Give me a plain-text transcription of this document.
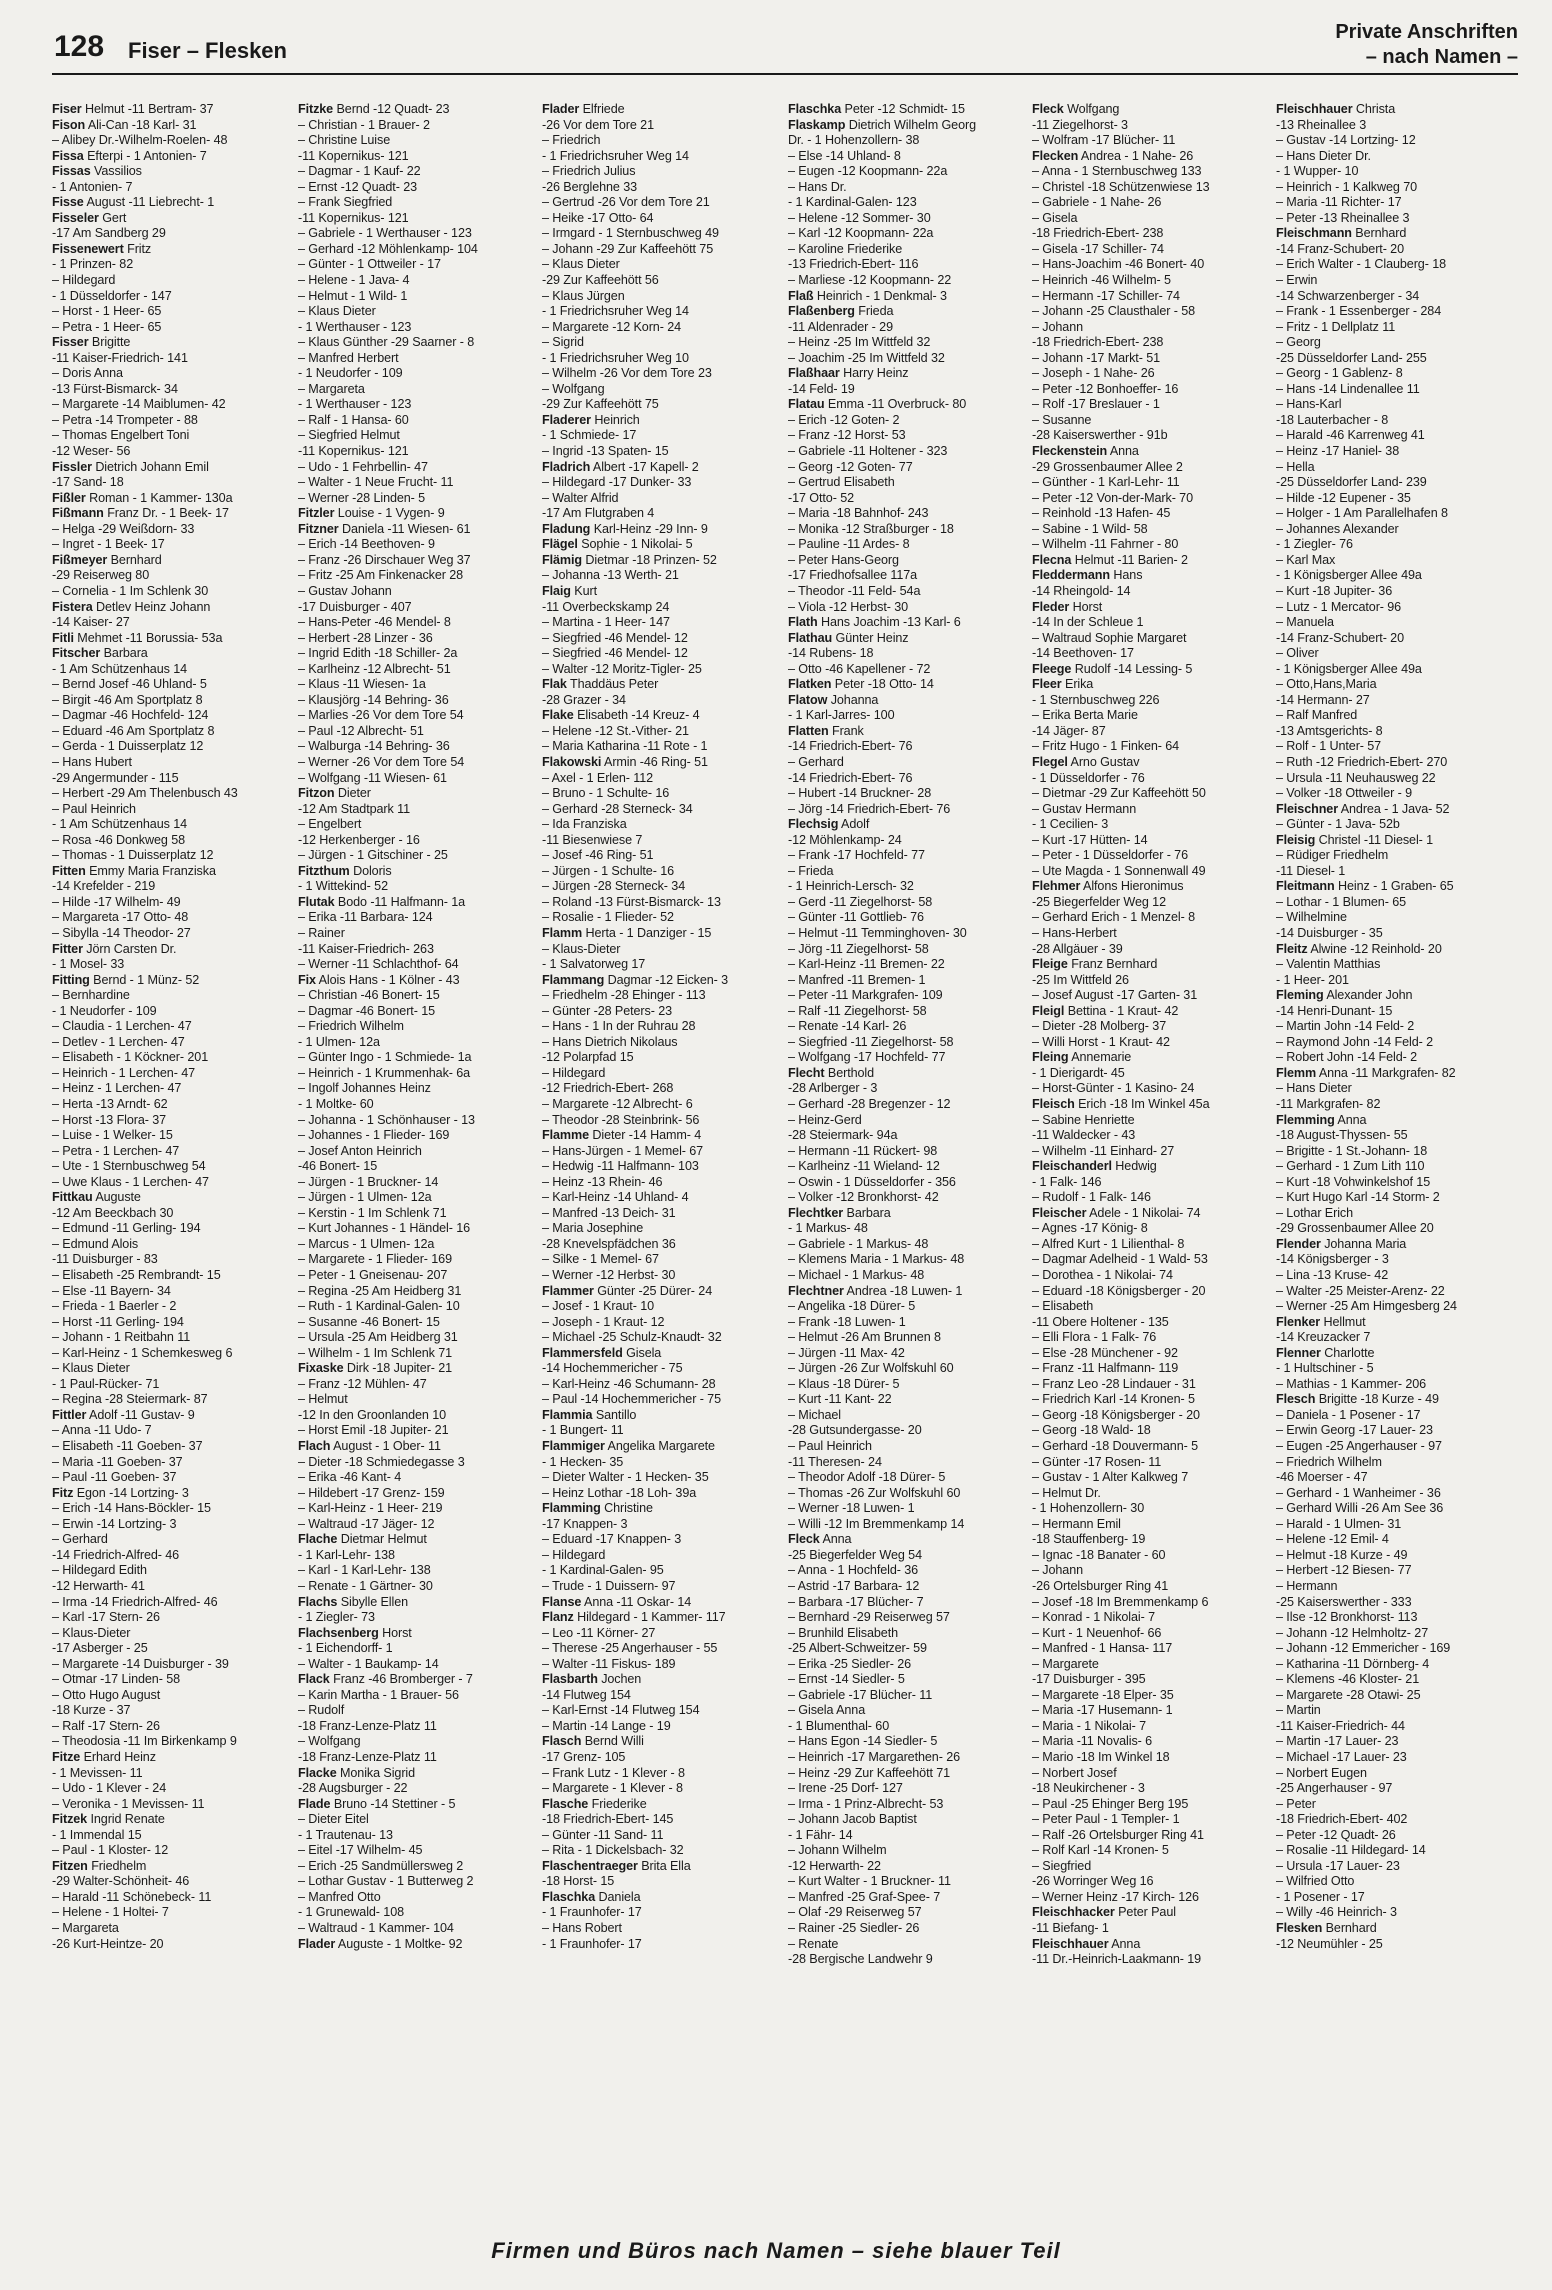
128 Fiser – Flesken
Private Anschriften
– nach Namen –
Fiser Helmut -11 Bertram- 37
Fison Ali-Can -18 Karl- 31
– Alibey Dr.-Wilhelm-Roelen- 48
Fissa Efterpi - 1 Antonien- 7
Fissas Vassilios
- 1 Antonien- 7
Fisse August -11 Liebrecht- 1
Fisseler Gert
-17 Am Sandberg 29
Fissenewert Fritz
- 1 Prinzen- 82
– Hildegard
- 1 Düsseldorfer - 147
– Horst - 1 Heer- 65
– Petra - 1 Heer- 65
Fisser Brigitte
-11 Kaiser-Friedrich- 141
– Doris Anna
-13 Fürst-Bismarck- 34
– Margarete -14 Maiblumen- 42
– Petra -14 Trompeter - 88
– Thomas Engelbert Toni
-12 Weser- 56
Fissler Dietrich Johann Emil
-17 Sand- 18
Fißler Roman - 1 Kammer- 130a
Fißmann Franz Dr. - 1 Beek- 17
– Helga -29 Weißdorn- 33
– Ingret - 1 Beek- 17
Fißmeyer Bernhard
-29 Reiserweg 80
– Cornelia - 1 Im Schlenk 30
Fistera Detlev Heinz Johann
-14 Kaiser- 27
Fitli Mehmet -11 Borussia- 53a
Fitscher Barbara
- 1 Am Schützenhaus 14
– Bernd Josef -46 Uhland- 5
– Birgit -46 Am Sportplatz 8
– Dagmar -46 Hochfeld- 124
– Eduard -46 Am Sportplatz 8
– Gerda - 1 Duisserplatz 12
– Hans Hubert
-29 Angermunder - 115
– Herbert -29 Am Thelenbusch 43
– Paul Heinrich
- 1 Am Schützenhaus 14
– Rosa -46 Donkweg 58
– Thomas - 1 Duisserplatz 12
Fitten Emmy Maria Franziska
-14 Krefelder - 219
– Hilde -17 Wilhelm- 49
– Margareta -17 Otto- 48
– Sibylla -14 Theodor- 27
Fitter Jörn Carsten Dr.
- 1 Mosel- 33
Fitting Bernd - 1 Münz- 52
– Bernhardine
- 1 Neudorfer - 109
– Claudia - 1 Lerchen- 47
– Detlev - 1 Lerchen- 47
– Elisabeth - 1 Köckner- 201
– Heinrich - 1 Lerchen- 47
– Heinz - 1 Lerchen- 47
– Herta -13 Arndt- 62
– Horst -13 Flora- 37
– Luise - 1 Welker- 15
– Petra - 1 Lerchen- 47
– Ute - 1 Sternbuschweg 54
– Uwe Klaus - 1 Lerchen- 47
Fittkau Auguste
-12 Am Beeckbach 30
– Edmund -11 Gerling- 194
– Edmund Alois
-11 Duisburger - 83
– Elisabeth -25 Rembrandt- 15
– Else -11 Bayern- 34
– Frieda - 1 Baerler - 2
– Horst -11 Gerling- 194
– Johann - 1 Reitbahn 11
– Karl-Heinz - 1 Schemkesweg 6
– Klaus Dieter
- 1 Paul-Rücker- 71
– Regina -28 Steiermark- 87
Fittler Adolf -11 Gustav- 9
– Anna -11 Udo- 7
– Elisabeth -11 Goeben- 37
– Maria -11 Goeben- 37
– Paul -11 Goeben- 37
Fitz Egon -14 Lortzing- 3
– Erich -14 Hans-Böckler- 15
– Erwin -14 Lortzing- 3
– Gerhard
-14 Friedrich-Alfred- 46
– Hildegard Edith
-12 Herwarth- 41
– Irma -14 Friedrich-Alfred- 46
– Karl -17 Stern- 26
– Klaus-Dieter
-17 Asberger - 25
– Margarete -14 Duisburger - 39
– Otmar -17 Linden- 58
– Otto Hugo August
-18 Kurze - 37
– Ralf -17 Stern- 26
– Theodosia -11 Im Birkenkamp 9
Fitze Erhard Heinz
- 1 Mevissen- 11
– Udo - 1 Klever - 24
– Veronika - 1 Mevissen- 11
Fitzek Ingrid Renate
- 1 Immendal 15
– Paul - 1 Kloster- 12
Fitzen Friedhelm
-29 Walter-Schönheit- 46
– Harald -11 Schönebeck- 11
– Helene - 1 Holtei- 7
– Margareta
-26 Kurt-Heintze- 20
Fitzke Bernd -12 Quadt- 23
– Christian - 1 Brauer- 2
– Christine Luise
-11 Kopernikus- 121
– Dagmar - 1 Kauf- 22
– Ernst -12 Quadt- 23
– Frank Siegfried
-11 Kopernikus- 121
– Gabriele - 1 Werthauser - 123
– Gerhard -12 Möhlenkamp- 104
– Günter - 1 Ottweiler - 17
– Helene - 1 Java- 4
– Helmut - 1 Wild- 1
– Klaus Dieter
- 1 Werthauser - 123
– Klaus Günther -29 Saarner - 8
– Manfred Herbert
- 1 Neudorfer - 109
– Margareta
- 1 Werthauser - 123
– Ralf - 1 Hansa- 60
– Siegfried Helmut
-11 Kopernikus- 121
– Udo - 1 Fehrbellin- 47
– Walter - 1 Neue Frucht- 11
– Werner -28 Linden- 5
Fitzler Louise - 1 Vygen- 9
Fitzner Daniela -11 Wiesen- 61
– Erich -14 Beethoven- 9
– Franz -26 Dirschauer Weg 37
– Fritz -25 Am Finkenacker 28
– Gustav Johann
-17 Duisburger - 407
– Hans-Peter -46 Mendel- 8
– Herbert -28 Linzer - 36
– Ingrid Edith -18 Schiller- 2a
– Karlheinz -12 Albrecht- 51
– Klaus -11 Wiesen- 1a
– Klausjörg -14 Behring- 36
– Marlies -26 Vor dem Tore 54
– Paul -12 Albrecht- 51
– Walburga -14 Behring- 36
– Werner -26 Vor dem Tore 54
– Wolfgang -11 Wiesen- 61
Fitzon Dieter
-12 Am Stadtpark 11
– Engelbert
-12 Herkenberger - 16
– Jürgen - 1 Gitschiner - 25
Fitzthum Doloris
- 1 Wittekind- 52
Flutak Bodo -11 Halfmann- 1a
– Erika -11 Barbara- 124
– Rainer
-11 Kaiser-Friedrich- 263
– Werner -11 Schlachthof- 64
Fix Alois Hans - 1 Kölner - 43
– Christian -46 Bonert- 15
– Dagmar -46 Bonert- 15
– Friedrich Wilhelm
- 1 Ulmen- 12a
– Günter Ingo - 1 Schmiede- 1a
– Heinrich - 1 Krummenhak- 6a
– Ingolf Johannes Heinz
- 1 Moltke- 60
– Johanna - 1 Schönhauser - 13
– Johannes - 1 Flieder- 169
– Josef Anton Heinrich
-46 Bonert- 15
– Jürgen - 1 Bruckner- 14
– Jürgen - 1 Ulmen- 12a
– Kerstin - 1 Im Schlenk 71
– Kurt Johannes - 1 Händel- 16
– Marcus - 1 Ulmen- 12a
– Margarete - 1 Flieder- 169
– Peter - 1 Gneisenau- 207
– Regina -25 Am Heidberg 31
– Ruth - 1 Kardinal-Galen- 10
– Susanne -46 Bonert- 15
– Ursula -25 Am Heidberg 31
– Wilhelm - 1 Im Schlenk 71
Fixaske Dirk -18 Jupiter- 21
– Franz -12 Mühlen- 47
– Helmut
-12 In den Groonlanden 10
– Horst Emil -18 Jupiter- 21
Flach August - 1 Ober- 11
– Dieter -18 Schmiedegasse 3
– Erika -46 Kant- 4
– Hildebert -17 Grenz- 159
– Karl-Heinz - 1 Heer- 219
– Waltraud -17 Jäger- 12
Flache Dietmar Helmut
- 1 Karl-Lehr- 138
– Karl - 1 Karl-Lehr- 138
– Renate - 1 Gärtner- 30
Flachs Sibylle Ellen
- 1 Ziegler- 73
Flachsenberg Horst
- 1 Eichendorff- 1
– Walter - 1 Baukamp- 14
Flack Franz -46 Bromberger - 7
– Karin Martha - 1 Brauer- 56
– Rudolf
-18 Franz-Lenze-Platz 11
– Wolfgang
-18 Franz-Lenze-Platz 11
Flacke Monika Sigrid
-28 Augsburger - 22
Flade Bruno -14 Stettiner - 5
– Dieter Eitel
- 1 Trautenau- 13
– Eitel -17 Wilhelm- 45
– Erich -25 Sandmüllersweg 2
– Lothar Gustav - 1 Butterweg 2
– Manfred Otto
- 1 Grunewald- 108
– Waltraud - 1 Kammer- 104
Flader Auguste - 1 Moltke- 92
Flader Elfriede
-26 Vor dem Tore 21
– Friedrich
- 1 Friedrichsruher Weg 14
– Friedrich Julius
-26 Berglehne 33
– Gertrud -26 Vor dem Tore 21
– Heike -17 Otto- 64
– Irmgard - 1 Sternbuschweg 49
– Johann -29 Zur Kaffeehött 75
– Klaus Dieter
-29 Zur Kaffeehött 56
– Klaus Jürgen
- 1 Friedrichsruher Weg 14
– Margarete -12 Korn- 24
– Sigrid
- 1 Friedrichsruher Weg 10
– Wilhelm -26 Vor dem Tore 23
– Wolfgang
-29 Zur Kaffeehött 75
Fladerer Heinrich
- 1 Schmiede- 17
– Ingrid -13 Spaten- 15
Fladrich Albert -17 Kapell- 2
– Hildegard -17 Dunker- 33
– Walter Alfrid
-17 Am Flutgraben 4
Fladung Karl-Heinz -29 Inn- 9
Flägel Sophie - 1 Nikolai- 5
Flämig Dietmar -18 Prinzen- 52
– Johanna -13 Werth- 21
Flaig Kurt
-11 Overbeckskamp 24
– Martina - 1 Heer- 147
– Siegfried -46 Mendel- 12
– Siegfried -46 Mendel- 12
– Walter -12 Moritz-Tigler- 25
Flak Thaddäus Peter
-28 Grazer - 34
Flake Elisabeth -14 Kreuz- 4
– Helene -12 St.-Vither- 21
– Maria Katharina -11 Rote - 1
Flakowski Armin -46 Ring- 51
– Axel - 1 Erlen- 112
– Bruno - 1 Schulte- 16
– Gerhard -28 Sterneck- 34
– Ida Franziska
-11 Biesenwiese 7
– Josef -46 Ring- 51
– Jürgen - 1 Schulte- 16
– Jürgen -28 Sterneck- 34
– Roland -13 Fürst-Bismarck- 13
– Rosalie - 1 Flieder- 52
Flamm Herta - 1 Danziger - 15
– Klaus-Dieter
- 1 Salvatorweg 17
Flammang Dagmar -12 Eicken- 3
– Friedhelm -28 Ehinger - 113
– Günter -28 Peters- 23
– Hans - 1 In der Ruhrau 28
– Hans Dietrich Nikolaus
-12 Polarpfad 15
– Hildegard
-12 Friedrich-Ebert- 268
– Margarete -12 Albrecht- 6
– Theodor -28 Steinbrink- 56
Flamme Dieter -14 Hamm- 4
– Hans-Jürgen - 1 Memel- 67
– Hedwig -11 Halfmann- 103
– Heinz -13 Rhein- 46
– Karl-Heinz -14 Uhland- 4
– Manfred -13 Deich- 31
– Maria Josephine
-28 Knevelspfädchen 36
– Silke - 1 Memel- 67
– Werner -12 Herbst- 30
Flammer Günter -25 Dürer- 24
– Josef - 1 Kraut- 10
– Joseph - 1 Kraut- 12
– Michael -25 Schulz-Knaudt- 32
Flammersfeld Gisela
-14 Hochemmericher - 75
– Karl-Heinz -46 Schumann- 28
– Paul -14 Hochemmericher - 75
Flammia Santillo
- 1 Bungert- 11
Flammiger Angelika Margarete
- 1 Hecken- 35
– Dieter Walter - 1 Hecken- 35
– Heinz Lothar -18 Loh- 39a
Flamming Christine
-17 Knappen- 3
– Eduard -17 Knappen- 3
– Hildegard
- 1 Kardinal-Galen- 95
– Trude - 1 Duissern- 97
Flanse Anna -11 Oskar- 14
Flanz Hildegard - 1 Kammer- 117
– Leo -11 Körner- 27
– Therese -25 Angerhauser - 55
– Walter -11 Fiskus- 189
Flasbarth Jochen
-14 Flutweg 154
– Karl-Ernst -14 Flutweg 154
– Martin -14 Lange - 19
Flasch Bernd Willi
-17 Grenz- 105
– Frank Lutz - 1 Klever - 8
– Margarete - 1 Klever - 8
Flasche Friederike
-18 Friedrich-Ebert- 145
– Günter -11 Sand- 11
– Rita - 1 Dickelsbach- 32
Flaschentraeger Brita Ella
-18 Horst- 15
Flaschka Daniela
- 1 Fraunhofer- 17
– Hans Robert
- 1 Fraunhofer- 17
Flaschka Peter -12 Schmidt- 15
Flaskamp Dietrich Wilhelm Georg
Dr. - 1 Hohenzollern- 38
– Else -14 Uhland- 8
– Eugen -12 Koopmann- 22a
– Hans Dr.
- 1 Kardinal-Galen- 123
– Helene -12 Sommer- 30
– Karl -12 Koopmann- 22a
– Karoline Friederike
-13 Friedrich-Ebert- 116
– Marliese -12 Koopmann- 22
Flaß Heinrich - 1 Denkmal- 3
Flaßenberg Frieda
-11 Aldenrader - 29
– Heinz -25 Im Wittfeld 32
– Joachim -25 Im Wittfeld 32
Flaßhaar Harry Heinz
-14 Feld- 19
Flatau Emma -11 Overbruck- 80
– Erich -12 Goten- 2
– Franz -12 Horst- 53
– Gabriele -11 Holtener - 323
– Georg -12 Goten- 77
– Gertrud Elisabeth
-17 Otto- 52
– Maria -18 Bahnhof- 243
– Monika -12 Straßburger - 18
– Pauline -11 Ardes- 8
– Peter Hans-Georg
-17 Friedhofsallee 117a
– Theodor -11 Feld- 54a
– Viola -12 Herbst- 30
Flath Hans Joachim -13 Karl- 6
Flathau Günter Heinz
-14 Rubens- 18
– Otto -46 Kapellener - 72
Flatken Peter -18 Otto- 14
Flatow Johanna
- 1 Karl-Jarres- 100
Flatten Frank
-14 Friedrich-Ebert- 76
– Gerhard
-14 Friedrich-Ebert- 76
– Hubert -14 Bruckner- 28
– Jörg -14 Friedrich-Ebert- 76
Flechsig Adolf
-12 Möhlenkamp- 24
– Frank -17 Hochfeld- 77
– Frieda
- 1 Heinrich-Lersch- 32
– Gerd -11 Ziegelhorst- 58
– Günter -11 Gottlieb- 76
– Helmut -11 Temminghoven- 30
– Jörg -11 Ziegelhorst- 58
– Karl-Heinz -11 Bremen- 22
– Manfred -11 Bremen- 1
– Peter -11 Markgrafen- 109
– Ralf -11 Ziegelhorst- 58
– Renate -14 Karl- 26
– Siegfried -11 Ziegelhorst- 58
– Wolfgang -17 Hochfeld- 77
Flecht Berthold
-28 Arlberger - 3
– Gerhard -28 Bregenzer - 12
– Heinz-Gerd
-28 Steiermark- 94a
– Hermann -11 Rückert- 98
– Karlheinz -11 Wieland- 12
– Oswin - 1 Düsseldorfer - 356
– Volker -12 Bronkhorst- 42
Flechtker Barbara
- 1 Markus- 48
– Gabriele - 1 Markus- 48
– Klemens Maria - 1 Markus- 48
– Michael - 1 Markus- 48
Flechtner Andrea -18 Luwen- 1
– Angelika -18 Dürer- 5
– Frank -18 Luwen- 1
– Helmut -26 Am Brunnen 8
– Jürgen -11 Max- 42
– Jürgen -26 Zur Wolfskuhl 60
– Klaus -18 Dürer- 5
– Kurt -11 Kant- 22
– Michael
-28 Gutsundergasse- 20
– Paul Heinrich
-11 Theresen- 24
– Theodor Adolf -18 Dürer- 5
– Thomas -26 Zur Wolfskuhl 60
– Werner -18 Luwen- 1
– Willi -12 Im Bremmenkamp 14
Fleck Anna
-25 Biegerfelder Weg 54
– Anna - 1 Hochfeld- 36
– Astrid -17 Barbara- 12
– Barbara -17 Blücher- 7
– Bernhard -29 Reiserweg 57
– Brunhild Elisabeth
-25 Albert-Schweitzer- 59
– Erika -25 Siedler- 26
– Ernst -14 Siedler- 5
– Gabriele -17 Blücher- 11
– Gisela Anna
- 1 Blumenthal- 60
– Hans Egon -14 Siedler- 5
– Heinrich -17 Margarethen- 26
– Heinz -29 Zur Kaffeehött 71
– Irene -25 Dorf- 127
– Irma - 1 Prinz-Albrecht- 53
– Johann Jacob Baptist
- 1 Fähr- 14
– Johann Wilhelm
-12 Herwarth- 22
– Kurt Walter - 1 Bruckner- 11
– Manfred -25 Graf-Spee- 7
– Olaf -29 Reiserweg 57
– Rainer -25 Siedler- 26
– Renate
-28 Bergische Landwehr 9
Fleck Wolfgang
-11 Ziegelhorst- 3
– Wolfram -17 Blücher- 11
Flecken Andrea - 1 Nahe- 26
– Anna - 1 Sternbuschweg 133
– Christel -18 Schützenwiese 13
– Gabriele - 1 Nahe- 26
– Gisela
-18 Friedrich-Ebert- 238
– Gisela -17 Schiller- 74
– Hans-Joachim -46 Bonert- 40
– Heinrich -46 Wilhelm- 5
– Hermann -17 Schiller- 74
– Johann -25 Clausthaler - 58
– Johann
-18 Friedrich-Ebert- 238
– Johann -17 Markt- 51
– Joseph - 1 Nahe- 26
– Peter -12 Bonhoeffer- 16
– Rolf -17 Breslauer - 1
– Susanne
-28 Kaiserswerther - 91b
Fleckenstein Anna
-29 Grossenbaumer Allee 2
– Günther - 1 Karl-Lehr- 11
– Peter -12 Von-der-Mark- 70
– Reinhold -13 Hafen- 45
– Sabine - 1 Wild- 58
– Wilhelm -11 Fahrner - 80
Flecna Helmut -11 Barien- 2
Fleddermann Hans
-14 Rheingold- 14
Fleder Horst
-14 In der Schleue 1
– Waltraud Sophie Margaret
-14 Beethoven- 17
Fleege Rudolf -14 Lessing- 5
Fleer Erika
- 1 Sternbuschweg 226
– Erika Berta Marie
-14 Jäger- 87
– Fritz Hugo - 1 Finken- 64
Flegel Arno Gustav
- 1 Düsseldorfer - 76
– Dietmar -29 Zur Kaffeehött 50
– Gustav Hermann
- 1 Cecilien- 3
– Kurt -17 Hütten- 14
– Peter - 1 Düsseldorfer - 76
– Ute Magda - 1 Sonnenwall 49
Flehmer Alfons Hieronimus
-25 Biegerfelder Weg 12
– Gerhard Erich - 1 Menzel- 8
– Hans-Herbert
-28 Allgäuer - 39
Fleige Franz Bernhard
-25 Im Wittfeld 26
– Josef August -17 Garten- 31
Fleigl Bettina - 1 Kraut- 42
– Dieter -28 Molberg- 37
– Willi Horst - 1 Kraut- 42
Fleing Annemarie
- 1 Dierigardt- 45
– Horst-Günter - 1 Kasino- 24
Fleisch Erich -18 Im Winkel 45a
– Sabine Henriette
-11 Waldecker - 43
– Wilhelm -11 Einhard- 27
Fleischanderl Hedwig
- 1 Falk- 146
– Rudolf - 1 Falk- 146
Fleischer Adele - 1 Nikolai- 74
– Agnes -17 König- 8
– Alfred Kurt - 1 Lilienthal- 8
– Dagmar Adelheid - 1 Wald- 53
– Dorothea - 1 Nikolai- 74
– Eduard -18 Königsberger - 20
– Elisabeth
-11 Obere Holtener - 135
– Elli Flora - 1 Falk- 76
– Else -28 Münchener - 92
– Franz -11 Halfmann- 119
– Franz Leo -28 Lindauer - 31
– Friedrich Karl -14 Kronen- 5
– Georg -18 Königsberger - 20
– Georg -18 Wald- 18
– Gerhard -18 Douvermann- 5
– Günter -17 Rosen- 11
– Gustav - 1 Alter Kalkweg 7
– Helmut Dr.
- 1 Hohenzollern- 30
– Hermann Emil
-18 Stauffenberg- 19
– Ignac -18 Banater - 60
– Johann
-26 Ortelsburger Ring 41
– Josef -18 Im Bremmenkamp 6
– Konrad - 1 Nikolai- 7
– Kurt - 1 Neuenhof- 66
– Manfred - 1 Hansa- 117
– Margarete
-17 Duisburger - 395
– Margarete -18 Elper- 35
– Maria -17 Husemann- 1
– Maria - 1 Nikolai- 7
– Maria -11 Novalis- 6
– Mario -18 Im Winkel 18
– Norbert Josef
-18 Neukirchener - 3
– Paul -25 Ehinger Berg 195
– Peter Paul - 1 Templer- 1
– Ralf -26 Ortelsburger Ring 41
– Rolf Karl -14 Kronen- 5
– Siegfried
-26 Worringer Weg 16
– Werner Heinz -17 Kirch- 126
Fleischhacker Peter Paul
-11 Biefang- 1
Fleischhauer Anna
-11 Dr.-Heinrich-Laakmann- 19
Fleischhauer Christa
-13 Rheinallee 3
– Gustav -14 Lortzing- 12
– Hans Dieter Dr.
- 1 Wupper- 10
– Heinrich - 1 Kalkweg 70
– Maria -11 Richter- 17
– Peter -13 Rheinallee 3
Fleischmann Bernhard
-14 Franz-Schubert- 20
– Erich Walter - 1 Clauberg- 18
– Erwin
-14 Schwarzenberger - 34
– Frank - 1 Essenberger - 284
– Fritz - 1 Dellplatz 11
– Georg
-25 Düsseldorfer Land- 255
– Georg - 1 Gablenz- 8
– Hans -14 Lindenallee 11
– Hans-Karl
-18 Lauterbacher - 8
– Harald -46 Karrenweg 41
– Heinz -17 Haniel- 38
– Hella
-25 Düsseldorfer Land- 239
– Hilde -12 Eupener - 35
– Holger - 1 Am Parallelhafen 8
– Johannes Alexander
- 1 Ziegler- 76
– Karl Max
- 1 Königsberger Allee 49a
– Kurt -18 Jupiter- 36
– Lutz - 1 Mercator- 96
– Manuela
-14 Franz-Schubert- 20
– Oliver
- 1 Königsberger Allee 49a
– Otto,Hans,Maria
-14 Hermann- 27
– Ralf Manfred
-13 Amtsgerichts- 8
– Rolf - 1 Unter- 57
– Ruth -12 Friedrich-Ebert- 270
– Ursula -11 Neuhausweg 22
– Volker -18 Ottweiler - 9
Fleischner Andrea - 1 Java- 52
– Günter - 1 Java- 52b
Fleisig Christel -11 Diesel- 1
– Rüdiger Friedhelm
-11 Diesel- 1
Fleitmann Heinz - 1 Graben- 65
– Lothar - 1 Blumen- 65
– Wilhelmine
-14 Duisburger - 35
Fleitz Alwine -12 Reinhold- 20
– Valentin Matthias
- 1 Heer- 201
Fleming Alexander John
-14 Henri-Dunant- 15
– Martin John -14 Feld- 2
– Raymond John -14 Feld- 2
– Robert John -14 Feld- 2
Flemm Anna -11 Markgrafen- 82
– Hans Dieter
-11 Markgrafen- 82
Flemming Anna
-18 August-Thyssen- 55
– Brigitte - 1 St.-Johann- 18
– Gerhard - 1 Zum Lith 110
– Kurt -18 Vohwinkelshof 15
– Kurt Hugo Karl -14 Storm- 2
– Lothar Erich
-29 Grossenbaumer Allee 20
Flender Johanna Maria
-14 Königsberger - 3
– Lina -13 Kruse- 42
– Walter -25 Meister-Arenz- 22
– Werner -25 Am Himgesberg 24
Flenker Hellmut
-14 Kreuzacker 7
Flenner Charlotte
- 1 Hultschiner - 5
– Mathias - 1 Kammer- 206
Flesch Brigitte -18 Kurze - 49
– Daniela - 1 Posener - 17
– Erwin Georg -17 Lauer- 23
– Eugen -25 Angerhauser - 97
– Friedrich Wilhelm
-46 Moerser - 47
– Gerhard - 1 Wanheimer - 36
– Gerhard Willi -26 Am See 36
– Harald - 1 Ulmen- 31
– Helene -12 Emil- 4
– Helmut -18 Kurze - 49
– Herbert -12 Biesen- 77
– Hermann
-25 Kaiserswerther - 333
– Ilse -12 Bronkhorst- 113
– Johann -12 Helmholtz- 27
– Johann -12 Emmericher - 169
– Katharina -11 Dörnberg- 4
– Klemens -46 Kloster- 21
– Margarete -28 Otawi- 25
– Martin
-11 Kaiser-Friedrich- 44
– Martin -17 Lauer- 23
– Michael -17 Lauer- 23
– Norbert Eugen
-25 Angerhauser - 97
– Peter
-18 Friedrich-Ebert- 402
– Peter -12 Quadt- 26
– Rosalie -11 Hildegard- 14
– Ursula -17 Lauer- 23
– Wilfried Otto
- 1 Posener - 17
– Willy -46 Heinrich- 3
Flesken Bernhard
-12 Neumühler - 25
Firmen und Büros nach Namen – siehe blauer Teil
